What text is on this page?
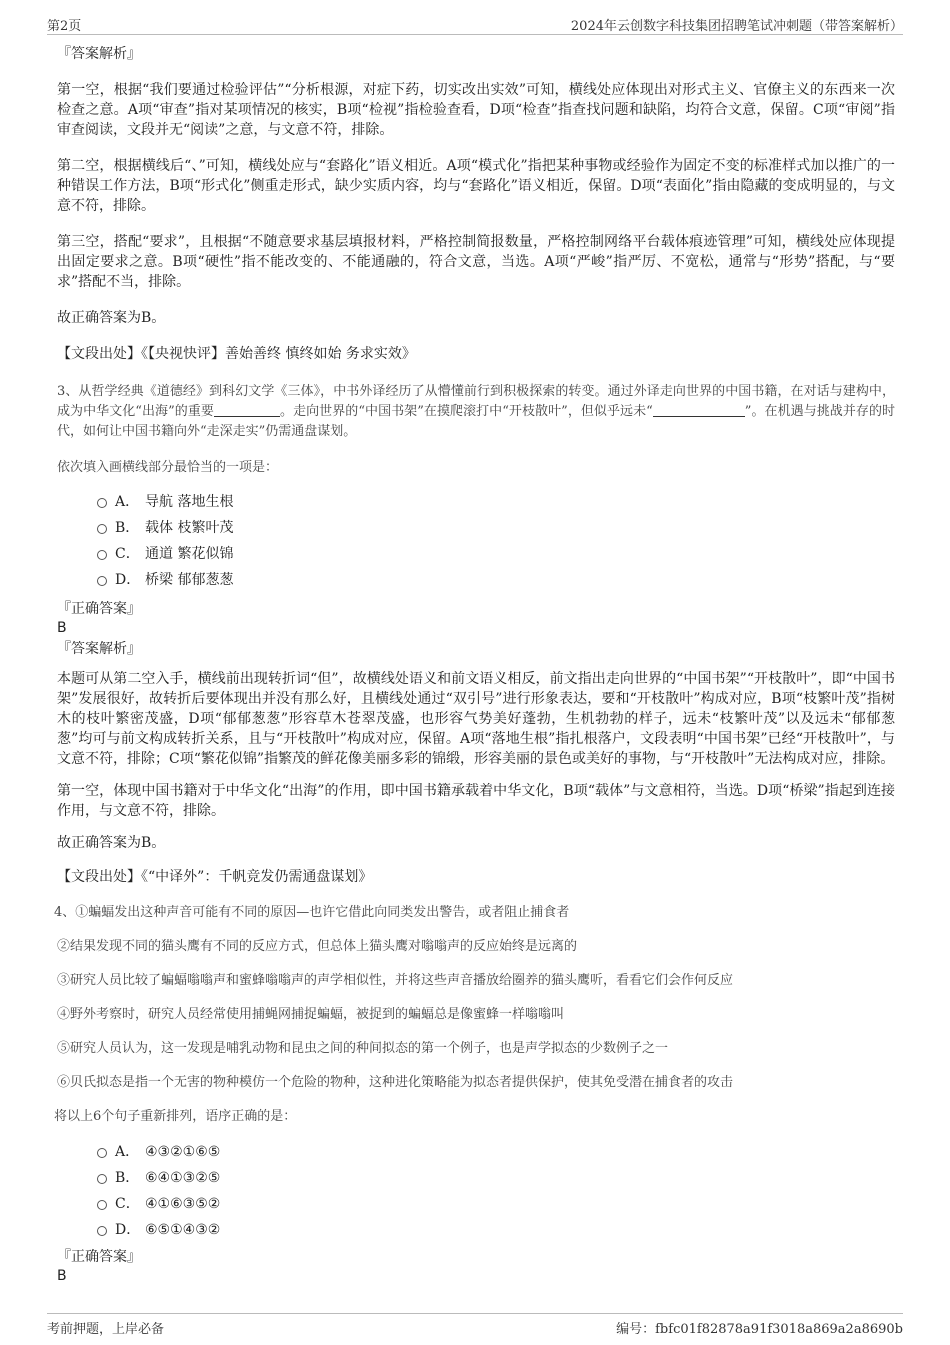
第2页	2024年云创数字科技集团招聘笔试冲刺题（带答案解析）

『答案解析』

第一空，根据“我们要通过检验评估”“分析根源，对症下药，切实改出实效”可知，横线处应体现出对形式主义、官僚主义的东西来一次检查之意。A项“审查”指对某项情况的核实，B项“检视”指检验查看，D项“检查”指查找问题和缺陷，均符合文意，保留。C项“审阅”指审查阅读，文段并无“阅读”之意，与文意不符，排除。

第二空，根据横线后“、”可知，横线处应与“套路化”语义相近。A项“模式化”指把某种事物或经验作为固定不变的标准样式加以推广的一种错误工作方法，B项“形式化”侧重走形式，缺少实质内容，均与“套路化”语义相近，保留。D项“表面化”指由隐藏的变成明显的，与文意不符，排除。

第三空，搭配“要求”，且根据“不随意要求基层填报材料，严格控制简报数量，严格控制网络平台载体痕迹管理”可知，横线处应体现提出固定要求之意。B项“硬性”指不能改变的、不能通融的，符合文意，当选。A项“严峻”指严厉、不宽松，通常与“形势”搭配，与“要求”搭配不当，排除。

故正确答案为B。

【文段出处】《【央视快评】善始善终 慎终如始 务求实效》

3、从哲学经典《道德经》到科幻文学《三体》，中书外译经历了从懵懂前行到积极探索的转变。通过外译走向世界的中国书籍，在对话与建构中，成为中华文化“出海”的重要	。走向世界的“中国书架”在摸爬滚打中“开枝散叶”，但似乎远未“	”。在机遇与挑战并存的时代，如何让中国书籍向外“走深走实”仍需通盘谋划。

依次填入画横线部分最恰当的一项是：

A． 导航 落地生根
B． 载体 枝繁叶茂
C． 通道 繁花似锦
D． 桥梁 郁郁葱葱

『正确答案』

B

『答案解析』

本题可从第二空入手，横线前出现转折词“但”，故横线处语义和前文语义相反，前文指出走向世界的“中国书架”“开枝散叶”，即“中国书架”发展很好，故转折后要体现出并没有那么好，且横线处通过“双引号”进行形象表达，要和“开枝散叶”构成对应，B项“枝繁叶茂”指树木的枝叶繁密茂盛，D项“郁郁葱葱”形容草木苍翠茂盛，也形容气势美好蓬勃，生机勃勃的样子，远未“枝繁叶茂”以及远未“郁郁葱葱”均可与前文构成转折关系，且与“开枝散叶”构成对应，保留。A项“落地生根”指扎根落户，文段表明“中国书架”已经“开枝散叶”，与文意不符，排除；C项“繁花似锦”指繁茂的鲜花像美丽多彩的锦缎，形容美丽的景色或美好的事物，与“开枝散叶”无法构成对应，排除。

第一空，体现中国书籍对于中华文化“出海”的作用，即中国书籍承载着中华文化，B项“载体”与文意相符，当选。D项“桥梁”指起到连接作用，与文意不符，排除。

故正确答案为B。

【文段出处】《“中译外”：千帆竞发仍需通盘谋划》

4、①蝙蝠发出这种声音可能有不同的原因—也许它借此向同类发出警告，或者阻止捕食者

②结果发现不同的猫头鹰有不同的反应方式，但总体上猫头鹰对嗡嗡声的反应始终是远离的

③研究人员比较了蝙蝠嗡嗡声和蜜蜂嗡嗡声的声学相似性，并将这些声音播放给圈养的猫头鹰听，看看它们会作何反应

④野外考察时，研究人员经常使用捕蝇网捕捉蝙蝠，被捉到的蝙蝠总是像蜜蜂一样嗡嗡叫

⑤研究人员认为，这一发现是哺乳动物和昆虫之间的种间拟态的第一个例子，也是声学拟态的少数例子之一

⑥贝氏拟态是指一个无害的物种模仿一个危险的物种，这种进化策略能为拟态者提供保护，使其免受潜在捕食者的攻击

将以上6个句子重新排列，语序正确的是：

A． ④③②①⑥⑤
B． ⑥④①③②⑤
C． ④①⑥③⑤②
D． ⑥⑤①④③②

『正确答案』

B

考前押题，上岸必备	编号：fbfc01f82878a91f3018a869a2a8690b
